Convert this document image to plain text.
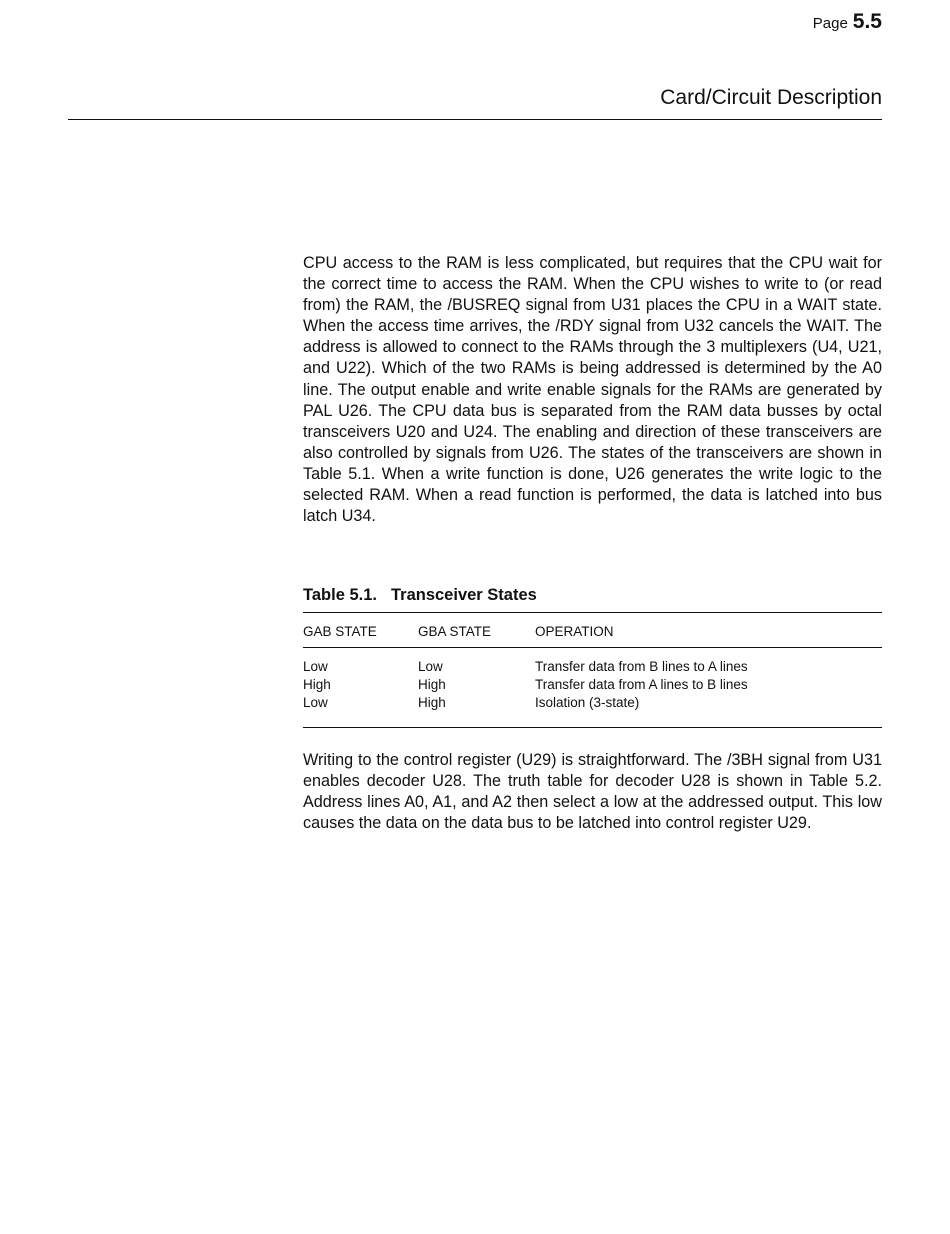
Page 5.5
Card/Circuit Description

CPU access to the RAM is less complicated, but requires that the CPU wait for the correct time to access the RAM. When the CPU wishes to write to (or read from) the RAM, the /BUSREQ signal from U31 places the CPU in a WAIT state. When the access time arrives, the /RDY signal from U32 cancels the WAIT. The address is allowed to connect to the RAMs through the 3 multiplexers (U4, U21, and U22). Which of the two RAMs is being addressed is determined by the A0 line. The output enable and write enable signals for the RAMs are generated by PAL U26. The CPU data bus is separated from the RAM data busses by octal transceivers U20 and U24. The enabling and direction of these transceivers are also controlled by signals from U26. The states of the transceivers are shown in Table 5.1. When a write function is done, U26 generates the write logic to the selected RAM. When a read function is performed, the data is latched into bus latch U34.

Table 5.1. Transceiver States
GAB STATE	GBA STATE	OPERATION
Low	Low	Transfer data from B lines to A lines
High	High	Transfer data from A lines to B lines
Low	High	Isolation (3-state)

Writing to the control register (U29) is straightforward. The /3BH signal from U31 enables decoder U28. The truth table for decoder U28 is shown in Table 5.2. Address lines A0, A1, and A2 then select a low at the addressed output. This low causes the data on the data bus to be latched into control register U29.
